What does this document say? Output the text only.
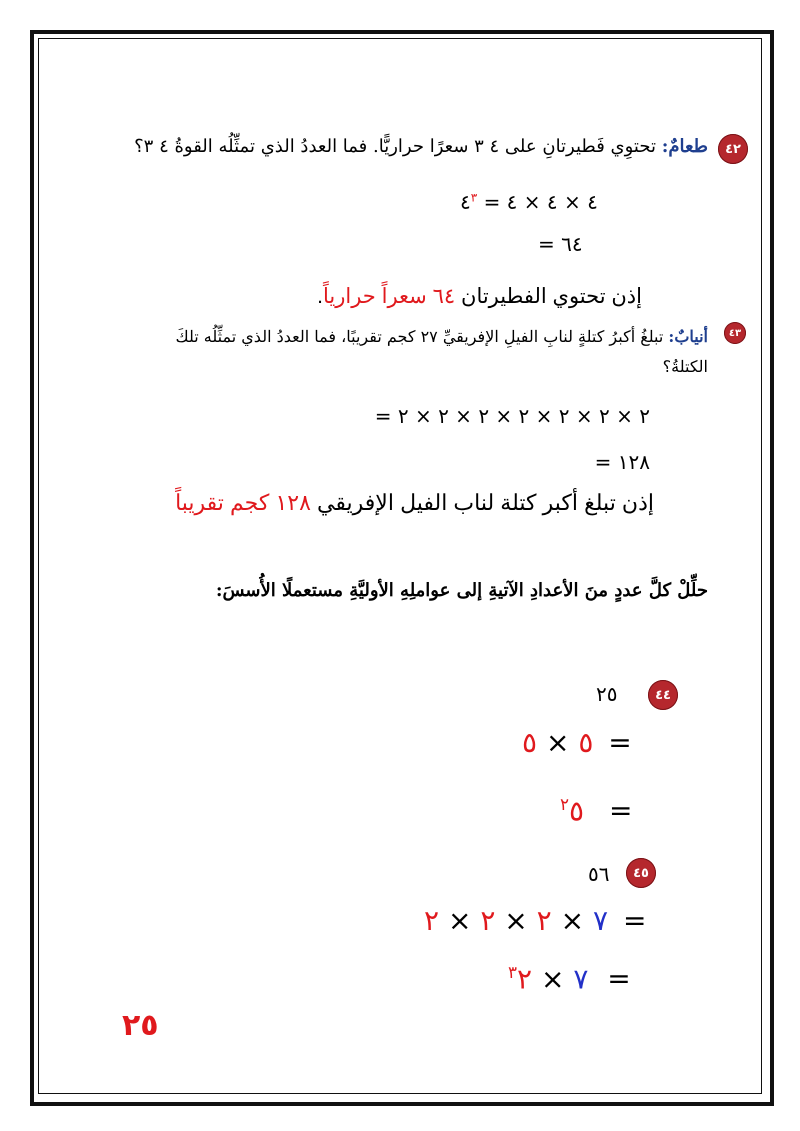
٤٢
طعامٌ: تحتوِي فَطيرتانِ على ٤ ٣ سعرًا حراريًّا. فما العددُ الذي تمثِّلُه القوةُ ٤ ٣؟
٤ × ٤ × ٤ = $٤^٣$
٦٤ =
إذن تحتوي الفطيرتان ٦٤ سعراً حرارياً.
٤٣
أنيابٌ: تبلغُ أكبرُ كتلةٍ لنابِ الفيلِ الإفريقيِّ ٢٧ كجم تقريبًا، فما العددُ الذي تمثِّلُه تلكَ الكتلةُ؟
٢ × ٢ × ٢ × ٢ × ٢ × ٢ × ٢ =
١٢٨ =
إذن تبلغ أكبر كتلة لناب الفيل الإفريقي ١٢٨ كجم تقريباً
حلِّلْ كلَّ عددٍ منَ الأعدادِ الآتيةِ إلى عواملِهِ الأوليَّةِ مستعملًا الأُسسَ:
٤٤
٢٥
٥ × ٥	=
$^٢$٥ =
٤٥
٥٦
٧ × ٢ × ٢ × ٢	=
٧ × $^٣$٢	=
٢٥
